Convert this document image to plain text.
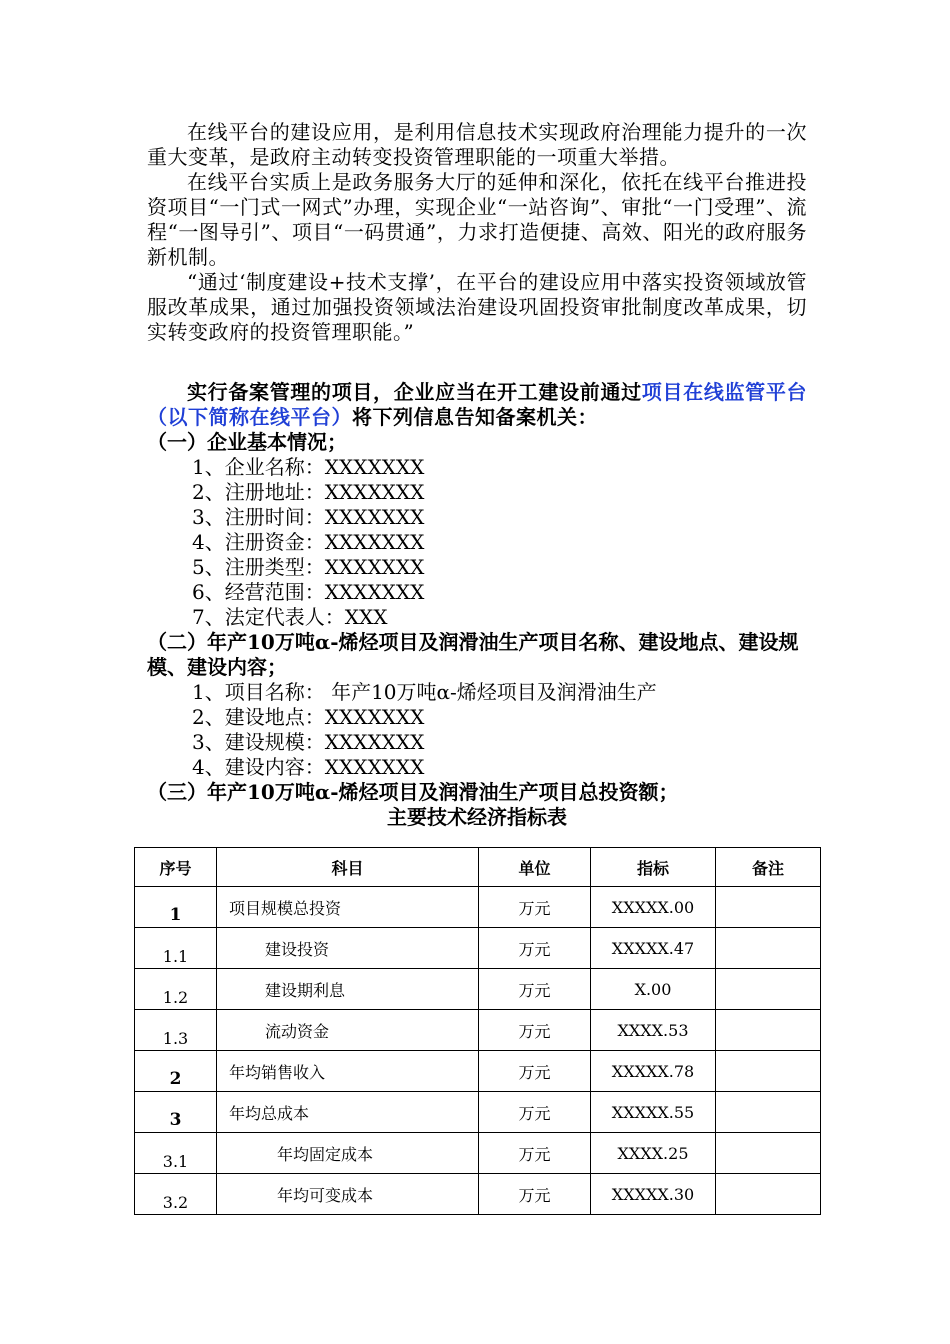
在线平台的建设应用，是利用信息技术实现政府治理能力提升的一次重大变革，是政府主动转变投资管理职能的一项重大举措。

在线平台实质上是政务服务大厅的延伸和深化，依托在线平台推进投资项目“一门式一网式”办理，实现企业“一站咨询”、审批“一门受理”、流程“一图导引”、项目“一码贯通”，力求打造便捷、高效、阳光的政府服务新机制。

“通过‘制度建设+技术支撑’，在平台的建设应用中落实投资领域放管服改革成果，通过加强投资领域法治建设巩固投资审批制度改革成果，切实转变政府的投资管理职能。”

实行备案管理的项目，企业应当在开工建设前通过项目在线监管平台（以下简称在线平台）将下列信息告知备案机关：

（一）企业基本情况；

1、企业名称：XXXXXXX

2、注册地址：XXXXXXX

3、注册时间：XXXXXXX

4、注册资金：XXXXXXX

5、注册类型：XXXXXXX

6、经营范围：XXXXXXX

7、法定代表人：XXX

（二）年产10万吨α-烯烃项目及润滑油生产项目名称、建设地点、建设规模、建设内容；

1、项目名称： 年产10万吨α-烯烃项目及润滑油生产

2、建设地点：XXXXXXX

3、建设规模：XXXXXXX

4、建设内容：XXXXXXX

（三）年产10万吨α-烯烃项目及润滑油生产项目总投资额；

主要技术经济指标表

序号	科目	单位	指标	备注
1	项目规模总投资	万元	XXXXX.00	
1.1	建设投资	万元	XXXXX.47	
1.2	建设期利息	万元	X.00	
1.3	流动资金	万元	XXXX.53	
2	年均销售收入	万元	XXXXX.78	
3	年均总成本	万元	XXXXX.55	
3.1	年均固定成本	万元	XXXX.25	
3.2	年均可变成本	万元	XXXXX.30	
